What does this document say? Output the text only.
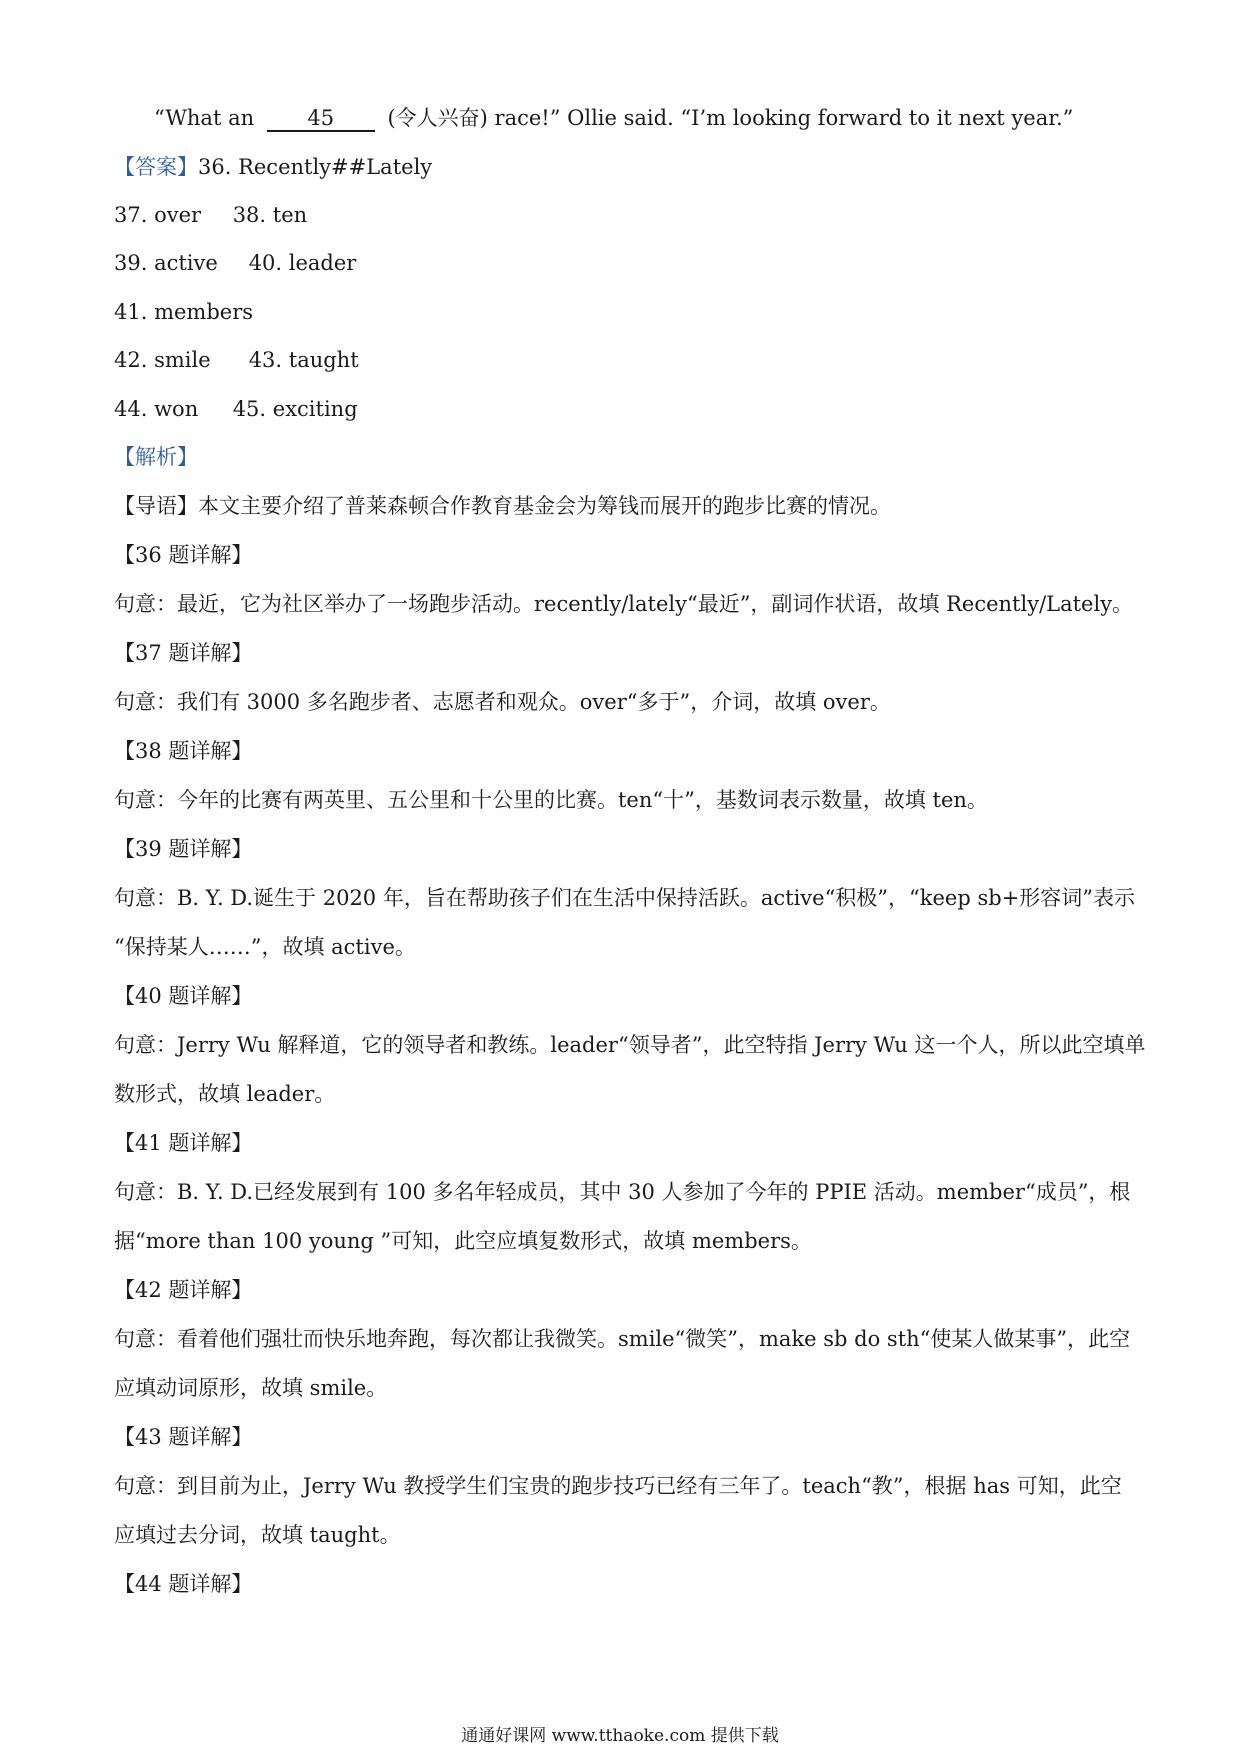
“What an	45	(令人兴奋) race!” Ollie said. “I’m looking forward to it next year.”
【答案】36. Recently##Lately
37. over 38. ten
39. active 40. leader
41. members
42. smile 43. taught
44. won 45. exciting
【解析】
【导语】本文主要介绍了普莱森顿合作教育基金会为筹钱而展开的跑步比赛的情况。
【36 题详解】
句意：最近，它为社区举办了一场跑步活动。recently/lately“最近”，副词作状语，故填 Recently/Lately。
【37 题详解】
句意：我们有 3000 多名跑步者、志愿者和观众。over“多于”，介词，故填 over。
【38 题详解】
句意：今年的比赛有两英里、五公里和十公里的比赛。ten“十”，基数词表示数量，故填 ten。
【39 题详解】
句意：B. Y. D.诞生于 2020 年，旨在帮助孩子们在生活中保持活跃。active“积极”，“keep sb+形容词”表示
“保持某人……”，故填 active。
【40 题详解】
句意：Jerry Wu 解释道，它的领导者和教练。leader“领导者”，此空特指 Jerry Wu 这一个人，所以此空填单
数形式，故填 leader。
【41 题详解】
句意：B. Y. D.已经发展到有 100 多名年轻成员，其中 30 人参加了今年的 PPIE 活动。member“成员”，根
据“more than 100 young ”可知，此空应填复数形式，故填 members。
【42 题详解】
句意：看着他们强壮而快乐地奔跑，每次都让我微笑。smile“微笑”，make sb do sth“使某人做某事”，此空
应填动词原形，故填 smile。
【43 题详解】
句意：到目前为止，Jerry Wu 教授学生们宝贵的跑步技巧已经有三年了。teach“教”，根据 has 可知，此空
应填过去分词，故填 taught。
【44 题详解】
通通好课网 www.tthaoke.com 提供下载
